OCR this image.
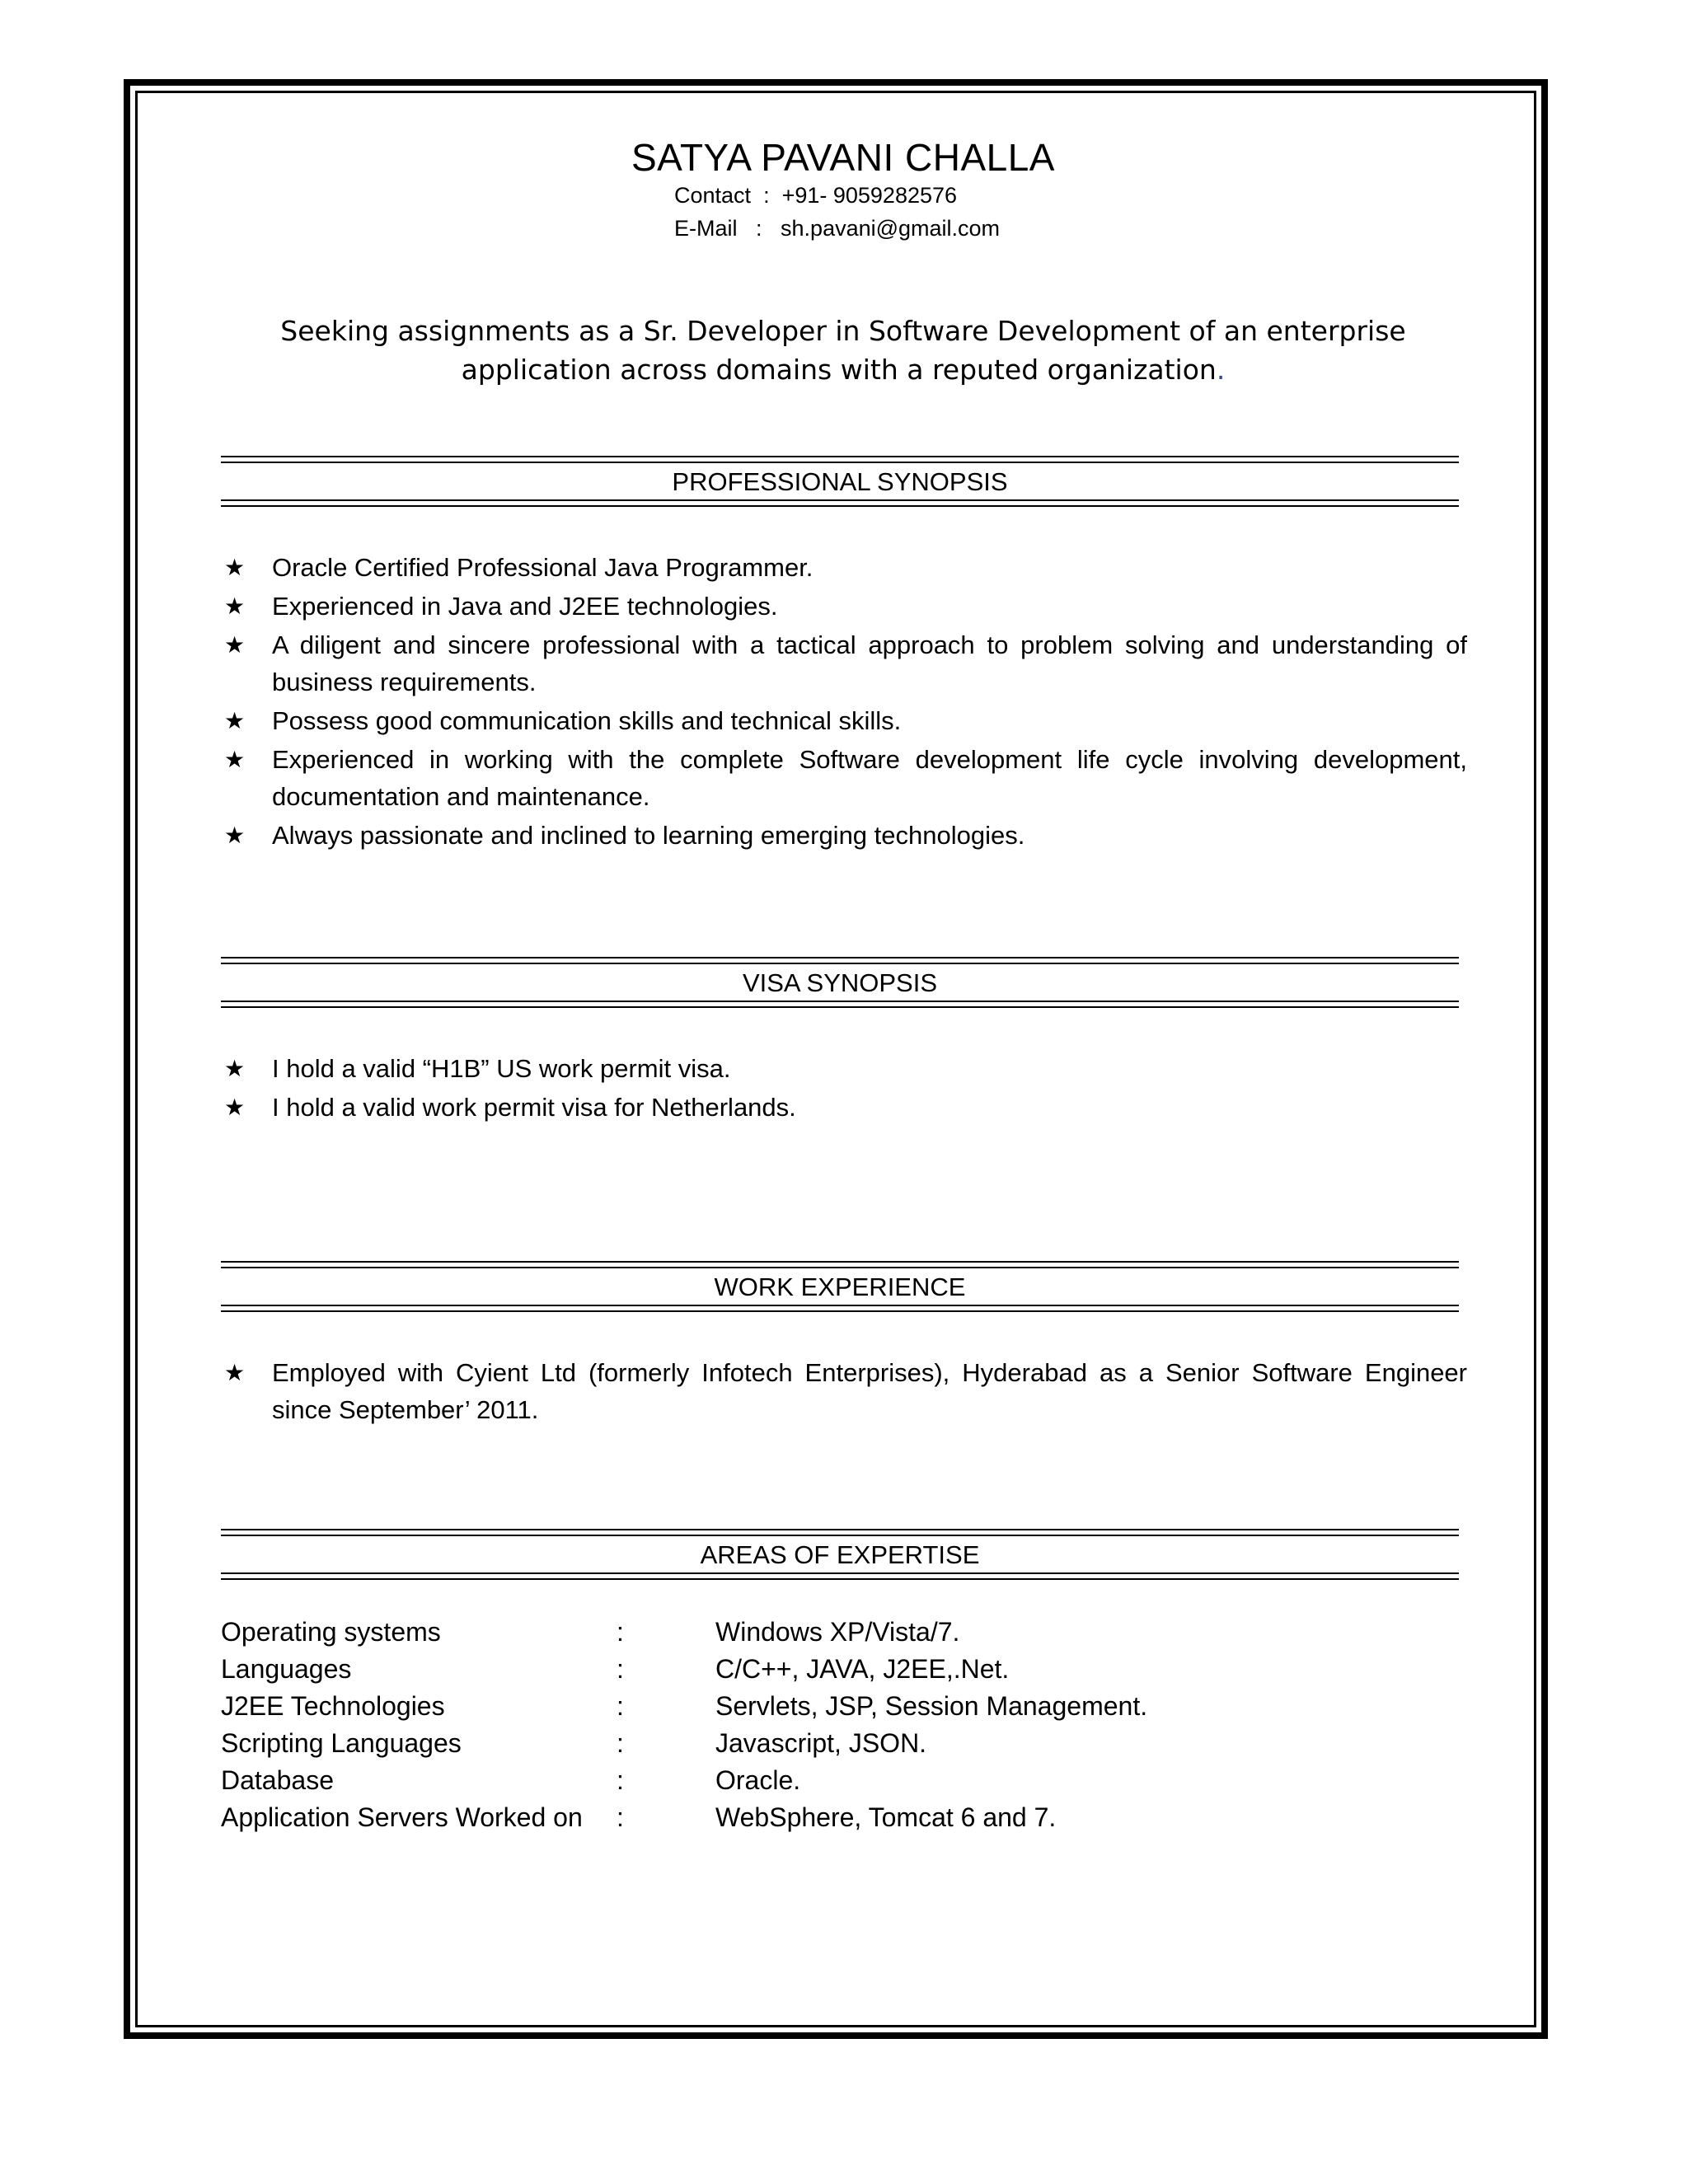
SATYA PAVANI CHALLA
Contact  :  +91- 9059282576
E-Mail   :   sh.pavani@gmail.com
Seeking assignments as a Sr. Developer in Software Development of an enterprise
application across domains with a reputed organization.
PROFESSIONAL SYNOPSIS
★ Oracle Certified Professional Java Programmer.
★ Experienced in Java and J2EE technologies.
★ A diligent and sincere professional with a tactical approach to problem solving and understanding of business requirements.
★ Possess good communication skills and technical skills.
★ Experienced in working with the complete Software development life cycle involving development, documentation and maintenance.
★ Always passionate and inclined to learning emerging technologies.
VISA SYNOPSIS
★ I hold a valid “H1B” US work permit visa.
★ I hold a valid work permit visa for Netherlands.
WORK EXPERIENCE
★ Employed with Cyient Ltd (formerly Infotech Enterprises), Hyderabad as a Senior Software Engineer since September’ 2011.
AREAS OF EXPERTISE
Operating systems	:	Windows XP/Vista/7.
Languages	:	C/C++, JAVA, J2EE,.Net.
J2EE Technologies	:	Servlets, JSP, Session Management.
Scripting Languages	:	Javascript, JSON.
Database	:	Oracle.
Application Servers Worked on :	WebSphere, Tomcat 6 and 7.
